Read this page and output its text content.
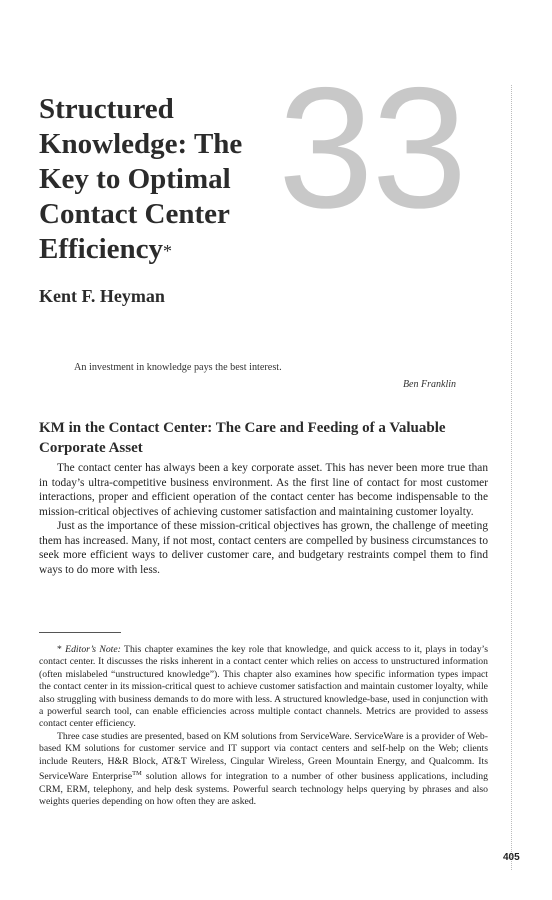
33
Structured Knowledge: The Key to Optimal Contact Center Efficiency*
Kent F. Heyman
An investment in knowledge pays the best interest.
Ben Franklin
KM in the Contact Center: The Care and Feeding of a Valuable Corporate Asset

The contact center has always been a key corporate asset. This has never been more true than in today’s ultra-competitive business environment. As the first line of contact for most customer interactions, proper and efficient operation of the contact center has become indispensable to the mission-critical objectives of achieving customer satisfaction and maintaining customer loyalty.

Just as the importance of these mission-critical objectives has grown, the challenge of meeting them has increased. Many, if not most, contact centers are compelled by business circumstances to seek more efficient ways to deliver customer care, and budgetary restraints compel them to find ways to do more with less.

* Editor’s Note: This chapter examines the key role that knowledge, and quick access to it, plays in today’s contact center. It discusses the risks inherent in a contact center which relies on access to unstructured information (often mislabeled “unstructured knowledge”). This chapter also examines how specific information types impact the contact center in its mission-critical quest to achieve customer satisfaction and maintain customer loyalty, while also struggling with business demands to do more with less. A structured knowledge-base, used in conjunction with a powerful search tool, can enable efficiencies across multiple contact channels. Metrics are provided to assess contact center efficiency.

Three case studies are presented, based on KM solutions from ServiceWare. ServiceWare is a provider of Web-based KM solutions for customer service and IT support via contact centers and self-help on the Web; clients include Reuters, H&R Block, AT&T Wireless, Cingular Wireless, Green Mountain Energy, and Qualcomm. Its ServiceWare Enterprise™ solution allows for integration to a number of other business applications, including CRM, ERM, telephony, and help desk systems. Powerful search technology helps querying by phrases and also weights queries depending on how often they are asked.

405
